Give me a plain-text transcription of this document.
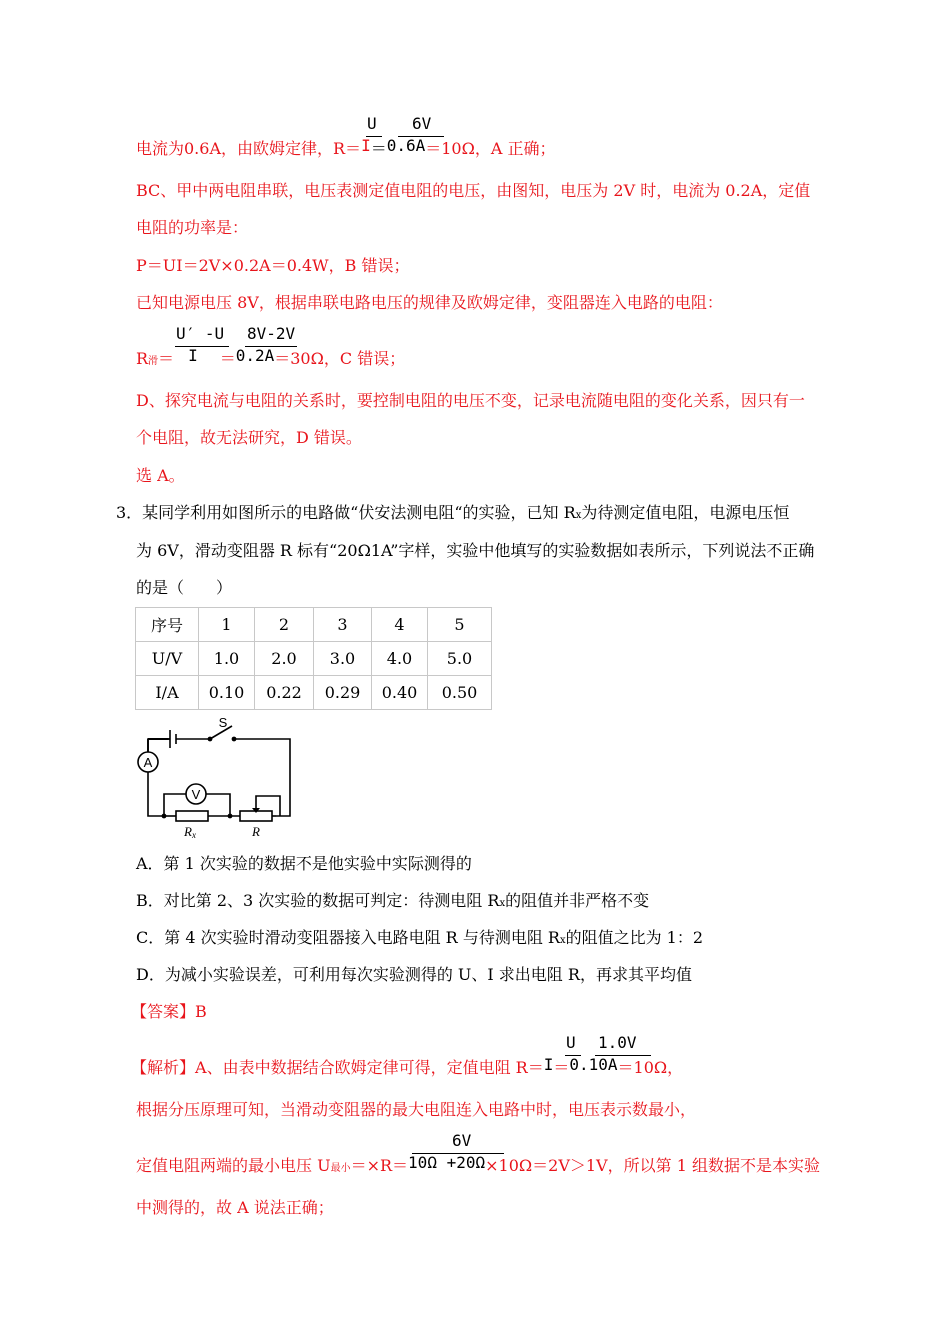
U 6V
电流为0.6A，由欧姆定律，R＝I＝0.6A＝10Ω，A 正确；
BC、甲中两电阻串联，电压表测定值电阻的电压，由图知，电压为 2V 时，电流为 0.2A，定值
电阻的功率是：
P＝UI＝2V×0.2A＝0.4W，B 错误；
已知电源电压 8V，根据串联电路电压的规律及欧姆定律，变阻器连入电路的电阻：
U′ -U 8V-2V
R滑＝ I ＝0.2A＝30Ω，C 错误；
D、探究电流与电阻的关系时，要控制电阻的电压不变，记录电流随电阻的变化关系，因只有一
个电阻，故无法研究，D 错误。
选 A。
3．某同学利用如图所示的电路做“伏安法测电阻“的实验，已知 Rx为待测定值电阻，电源电压恒
为 6V，滑动变阻器 R 标有“20Ω1A”字样，实验中他填写的实验数据如表所示，下列说法不正确
的是（　　）
序号	1	2	3	4	5
U/V	1.0	2.0	3.0	4.0	5.0
I/A	0.10	0.22	0.29	0.40	0.50
A
V
S
Rx	R
A．第 1 次实验的数据不是他实验中实际测得的
B．对比第 2、3 次实验的数据可判定：待测电阻 Rx的阻值并非严格不变
C．第 4 次实验时滑动变阻器接入电路电阻 R 与待测电阻 Rx的阻值之比为 1：2
D．为减小实验误差，可利用每次实验测得的 U、I 求出电阻 R，再求其平均值
【答案】B
U 1.0V
【解析】A、由表中数据结合欧姆定律可得，定值电阻 R＝I＝0.10A＝10Ω，
根据分压原理可知，当滑动变阻器的最大电阻连入电路中时，电压表示数最小，
6V
定值电阻两端的最小电压 U最小＝×R＝10Ω +20Ω×10Ω＝2V＞1V，所以第 1 组数据不是本实验
中测得的，故 A 说法正确；
